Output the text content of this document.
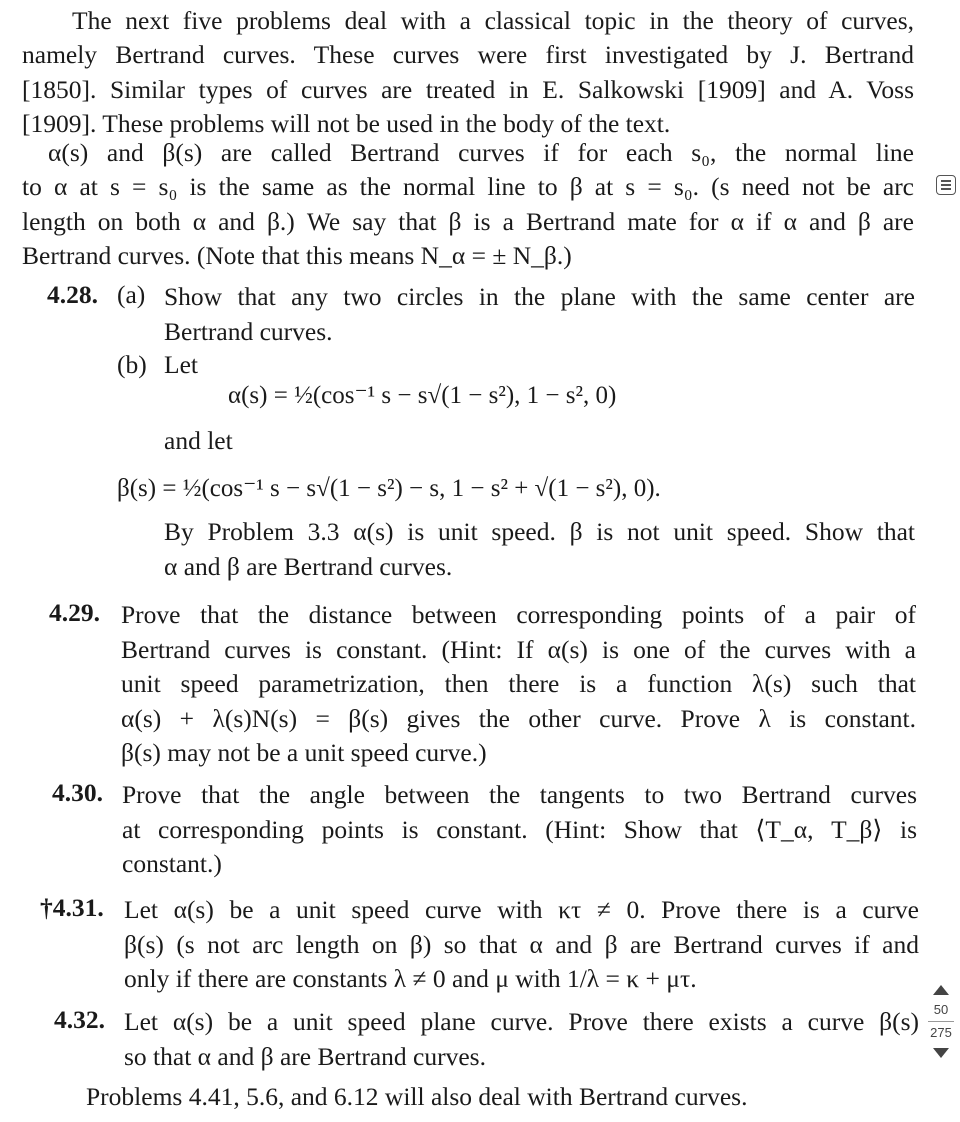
The next five problems deal with a classical topic in the theory of curves,
namely Bertrand curves. These curves were first investigated by J. Bertrand
[1850]. Similar types of curves are treated in E. Salkowski [1909] and A. Voss
[1909]. These problems will not be used in the body of the text.
α(s) and β(s) are called Bertrand curves if for each s₀, the normal line
to α at s = s₀ is the same as the normal line to β at s = s₀. (s need not be arc
length on both α and β.) We say that β is a Bertrand mate for α if α and β are
Bertrand curves. (Note that this means N_α = ± N_β.)
4.28. (a) Show that any two circles in the plane with the same center are
Bertrand curves.
(b) Let
α(s) = ½(cos⁻¹ s − s√(1 − s²), 1 − s², 0)
and let
β(s) = ½(cos⁻¹ s − s√(1 − s²) − s, 1 − s² + √(1 − s²), 0).
By Problem 3.3 α(s) is unit speed. β is not unit speed. Show that
α and β are Bertrand curves.
4.29. Prove that the distance between corresponding points of a pair of
Bertrand curves is constant. (Hint: If α(s) is one of the curves with a
unit speed parametrization, then there is a function λ(s) such that
α(s) + λ(s)N(s) = β(s) gives the other curve. Prove λ is constant.
β(s) may not be a unit speed curve.)
4.30. Prove that the angle between the tangents to two Bertrand curves
at corresponding points is constant. (Hint: Show that ⟨T_α, T_β⟩ is
constant.)
†4.31. Let α(s) be a unit speed curve with κτ ≠ 0. Prove there is a curve
β(s) (s not arc length on β) so that α and β are Bertrand curves if and
only if there are constants λ ≠ 0 and μ with 1/λ = κ + μτ.
4.32. Let α(s) be a unit speed plane curve. Prove there exists a curve β(s)
so that α and β are Bertrand curves.
Problems 4.41, 5.6, and 6.12 will also deal with Bertrand curves.
50
275
